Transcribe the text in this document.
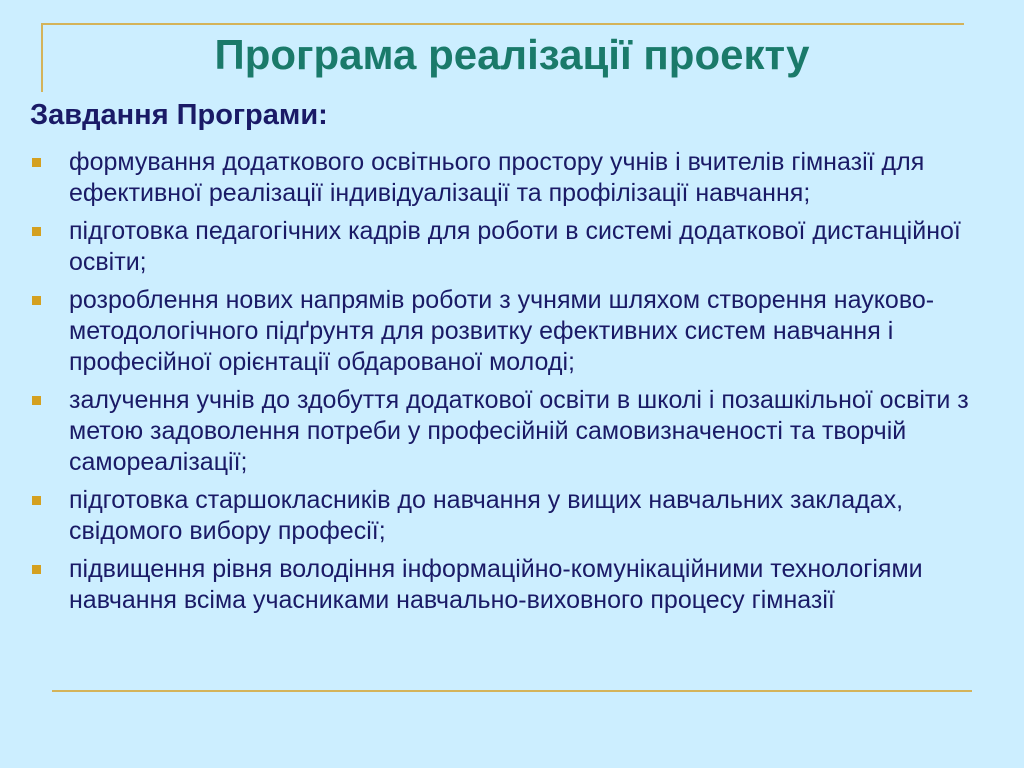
Програма реалізації проекту
Завдання Програми:
формування додаткового освітнього простору учнів і вчителів гімназії для ефективної реалізації індивідуалізації та профілізації навчання;
підготовка педагогічних кадрів для роботи в системі додаткової дистанційної освіти;
розроблення нових напрямів роботи з учнями шляхом створення науково-методологічного підґрунтя для розвитку ефективних систем навчання і професійної орієнтації обдарованої молоді;
залучення учнів до здобуття додаткової освіти в школі і позашкільної освіти з метою задоволення потреби у професійній самовизначеності та творчій самореалізації;
підготовка старшокласників до навчання у вищих навчальних закладах, свідомого вибору професії;
підвищення рівня володіння інформаційно-комунікаційними технологіями навчання всіма учасниками навчально-виховного процесу гімназії
